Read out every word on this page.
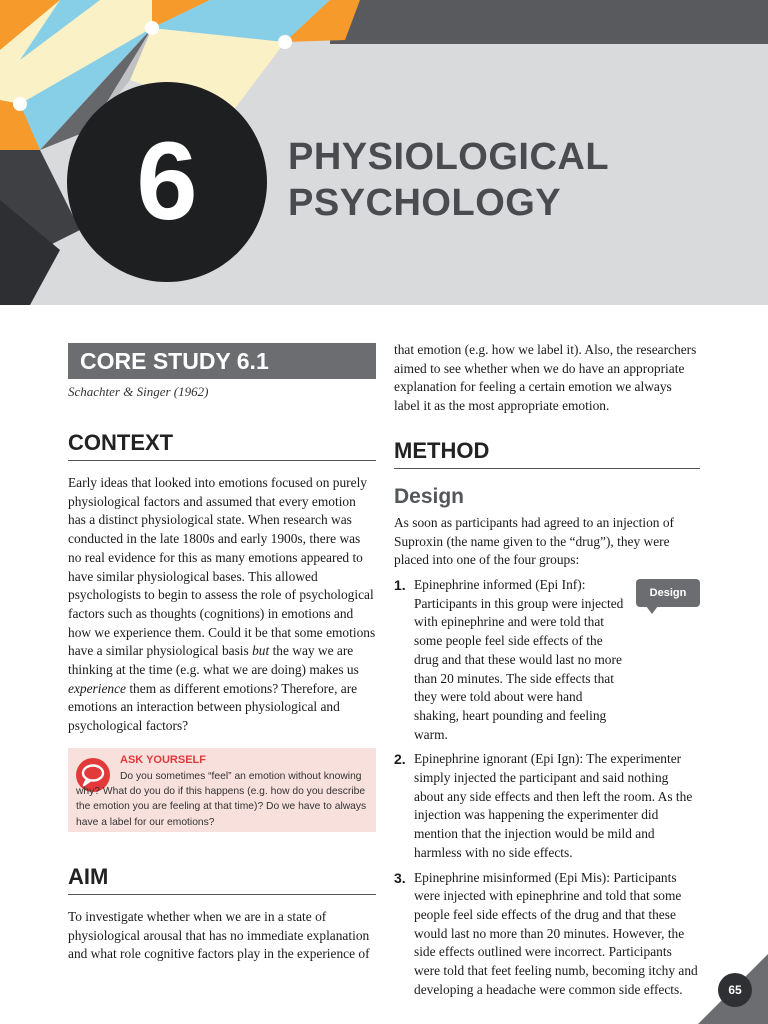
6 PHYSIOLOGICAL
PSYCHOLOGY
CORE STUDY 6.1
Schachter & Singer (1962)
CONTEXT

Early ideas that looked into emotions focused on purely physiological factors and assumed that every emotion has a distinct physiological state. When research was conducted in the late 1800s and early 1900s, there was no real evidence for this as many emotions appeared to have similar physiological bases. This allowed psychologists to begin to assess the role of psychological factors such as thoughts (cognitions) in emotions and how we experience them. Could it be that some emotions have a similar physiological basis but the way we are thinking at the time (e.g. what we are doing) makes us experience them as different emotions? Therefore, are emotions an interaction between physiological and psychological factors?

ASK YOURSELF

Do you sometimes “feel” an emotion without knowing why? What do you do if this happens (e.g. how do you describe the emotion you are feeling at that time)? Do we have to always have a label for our emotions?

AIM

To investigate whether when we are in a state of physiological arousal that has no immediate explanation and what role cognitive factors play in the experience of

that emotion (e.g. how we label it). Also, the researchers aimed to see whether when we do have an appropriate explanation for feeling a certain emotion we always label it as the most appropriate emotion.

METHOD
Design

As soon as participants had agreed to an injection of Suproxin (the name given to the “drug”), they were placed into one of the four groups:

1. Epinephrine informed (Epi Inf): Participants in this group were injected with epinephrine and were told that some people feel side effects of the drug and that these would last no more than 20 minutes. The side effects that they were told about were hand shaking, heart pounding and feeling warm.
2. Epinephrine ignorant (Epi Ign): The experimenter simply injected the participant and said nothing about any side effects and then left the room. As the injection was happening the experimenter did mention that the injection would be mild and harmless with no side effects.
3. Epinephrine misinformed (Epi Mis): Participants were injected with epinephrine and told that some people feel side effects of the drug and that these would last no more than 20 minutes. However, the side effects outlined were incorrect. Participants were told that feet feeling numb, becoming itchy and developing a headache were common side effects.
Design
65
